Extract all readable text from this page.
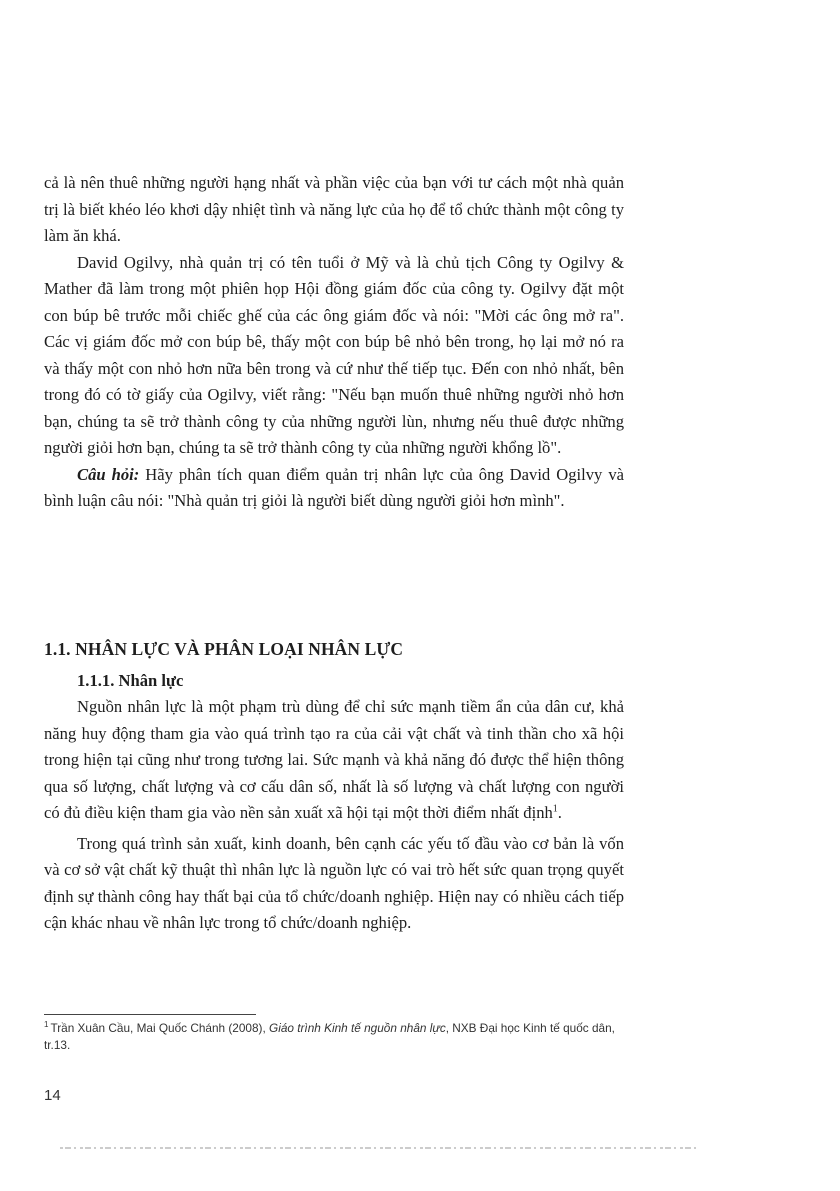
cả là nên thuê những người hạng nhất và phần việc của bạn với tư cách một nhà quản trị là biết khéo léo khơi dậy nhiệt tình và năng lực của họ để tổ chức thành một công ty làm ăn khá.

David Ogilvy, nhà quản trị có tên tuổi ở Mỹ và là chủ tịch Công ty Ogilvy & Mather đã làm trong một phiên họp Hội đồng giám đốc của công ty. Ogilvy đặt một con búp bê trước mỗi chiếc ghế của các ông giám đốc và nói: "Mời các ông mở ra". Các vị giám đốc mở con búp bê, thấy một con búp bê nhỏ bên trong, họ lại mở nó ra và thấy một con nhỏ hơn nữa bên trong và cứ như thế tiếp tục. Đến con nhỏ nhất, bên trong đó có tờ giấy của Ogilvy, viết rằng: "Nếu bạn muốn thuê những người nhỏ hơn bạn, chúng ta sẽ trở thành công ty của những người lùn, nhưng nếu thuê được những người giỏi hơn bạn, chúng ta sẽ trở thành công ty của những người khổng lồ".

Câu hỏi: Hãy phân tích quan điểm quản trị nhân lực của ông David Ogilvy và bình luận câu nói: "Nhà quản trị giỏi là người biết dùng người giỏi hơn mình".

1.1. NHÂN LỰC VÀ PHÂN LOẠI NHÂN LỰC
1.1.1. Nhân lực

Nguồn nhân lực là một phạm trù dùng để chỉ sức mạnh tiềm ẩn của dân cư, khả năng huy động tham gia vào quá trình tạo ra của cải vật chất và tinh thần cho xã hội trong hiện tại cũng như trong tương lai. Sức mạnh và khả năng đó được thể hiện thông qua số lượng, chất lượng và cơ cấu dân số, nhất là số lượng và chất lượng con người có đủ điều kiện tham gia vào nền sản xuất xã hội tại một thời điểm nhất định$^1$.

Trong quá trình sản xuất, kinh doanh, bên cạnh các yếu tố đầu vào cơ bản là vốn và cơ sở vật chất kỹ thuật thì nhân lực là nguồn lực có vai trò hết sức quan trọng quyết định sự thành công hay thất bại của tổ chức/doanh nghiệp. Hiện nay có nhiều cách tiếp cận khác nhau về nhân lực trong tổ chức/doanh nghiệp.

$^1$ Trần Xuân Cầu, Mai Quốc Chánh (2008), Giáo trình Kinh tế nguồn nhân lực, NXB Đại học Kinh tế quốc dân, tr.13.
14
